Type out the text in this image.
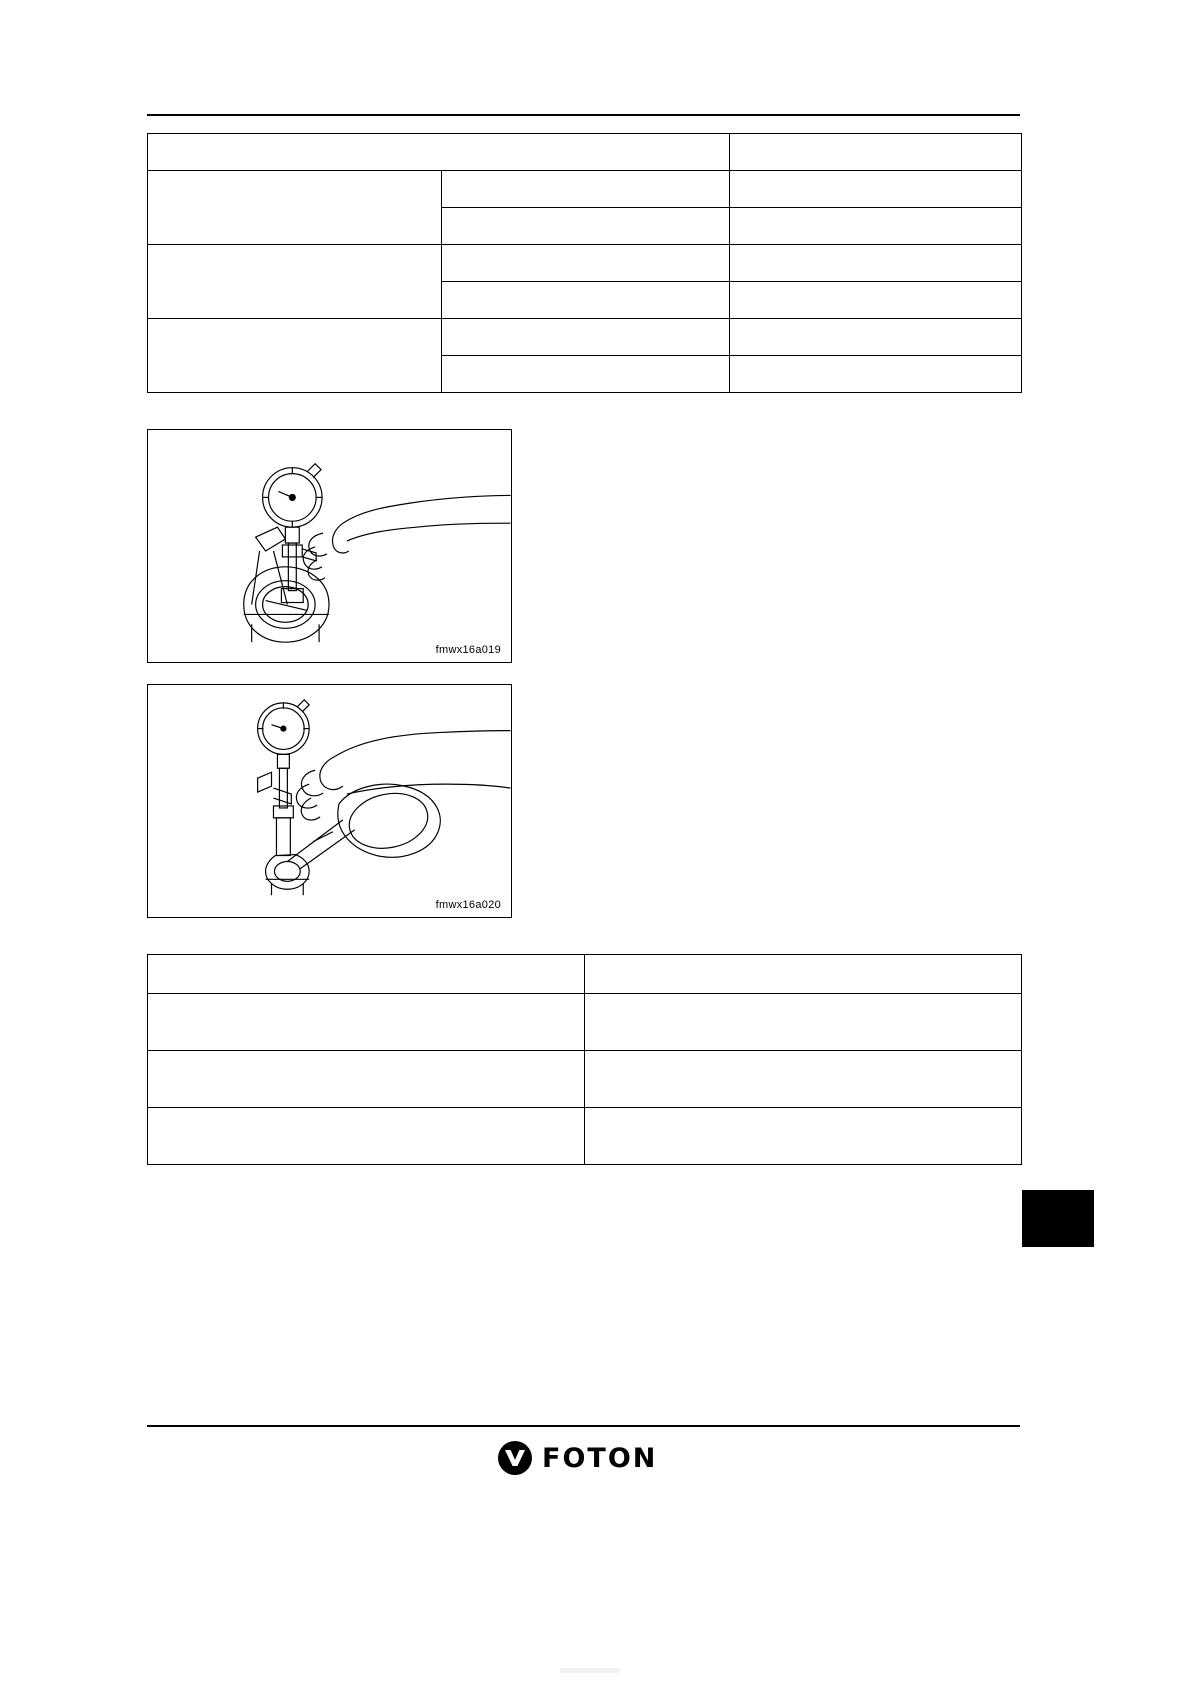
fmwx16a019
fmwx16a020

FOTON
